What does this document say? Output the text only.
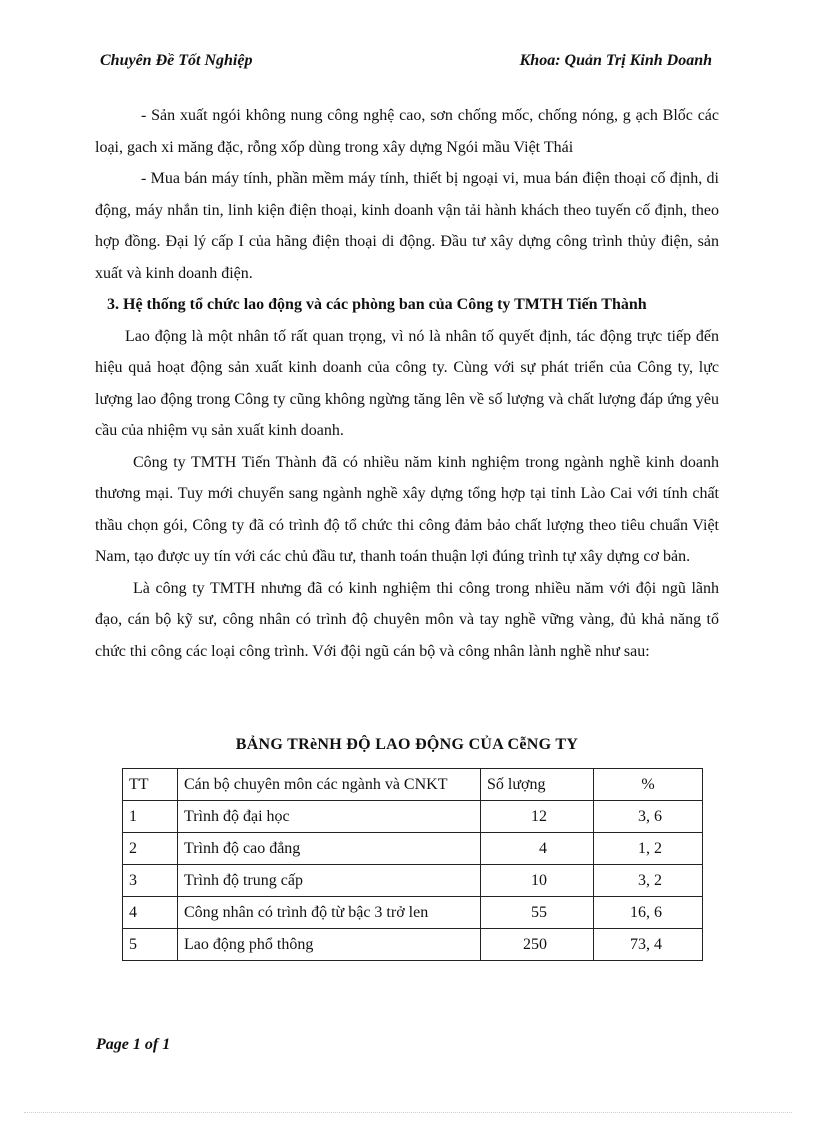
Chuyên Đề Tốt Nghiệp	Khoa: Quản Trị Kinh Doanh

- Sản xuất ngói không nung công nghệ cao, sơn chống mốc, chống nóng, g ạch Blốc các loại, gach xi măng đặc, rỗng xốp dùng trong xây dựng Ngói mầu Việt Thái

- Mua bán máy tính, phần mềm máy tính, thiết bị ngoại vi, mua bán điện thoại cố định, di động, máy nhắn tin, linh kiện điện thoại, kinh doanh vận tải hành khách theo tuyến cố định, theo hợp đồng. Đại lý cấp I của hãng điện thoại di động. Đầu tư xây dựng công trình thủy điện, sản xuất và kinh doanh điện.

3. Hệ thống tổ chức lao động và các phòng ban của Công ty TMTH Tiến Thành

Lao động là một nhân tố rất quan trọng, vì nó là nhân tố quyết định, tác động trực tiếp đến hiệu quả hoạt động sản xuất kinh doanh của công ty. Cùng với sự phát triển của Công ty, lực lượng lao động trong Công ty cũng không ngừng tăng lên về số lượng và chất lượng đáp ứng yêu cầu của nhiệm vụ sản xuất kinh doanh.

Công ty TMTH Tiến Thành đã có nhiều năm kinh nghiệm trong ngành nghề kinh doanh thương mại. Tuy mới chuyển sang ngành nghề xây dựng tổng hợp tại tỉnh Lào Cai với tính chất thầu chọn gói, Công ty đã có trình độ tổ chức thi công đảm bảo chất lượng theo tiêu chuẩn Việt Nam, tạo được uy tín với các chủ đầu tư, thanh toán thuận lợi đúng trình tự xây dựng cơ bản.

Là công ty TMTH nhưng đã có kinh nghiệm thi công trong nhiều năm với đội ngũ lãnh đạo, cán bộ kỹ sư, công nhân có trình độ chuyên môn và tay nghề vững vàng, đủ khả năng tổ chức thi công các loại công trình. Với đội ngũ cán bộ và công nhân lành nghề như sau:

BẢNG TRèNH ĐỘ LAO ĐỘNG CỦA CễNG TY
TT	Cán bộ chuyên môn các ngành và CNKT	Số lượng	%
1	Trình độ đại học	12	3, 6
2	Trình độ cao đẳng	4	1, 2
3	Trình độ trung cấp	10	3, 2
4	Công nhân có trình độ từ bậc 3 trở len	55	16, 6
5	Lao động phổ thông	250	73, 4
Page 1 of 1
